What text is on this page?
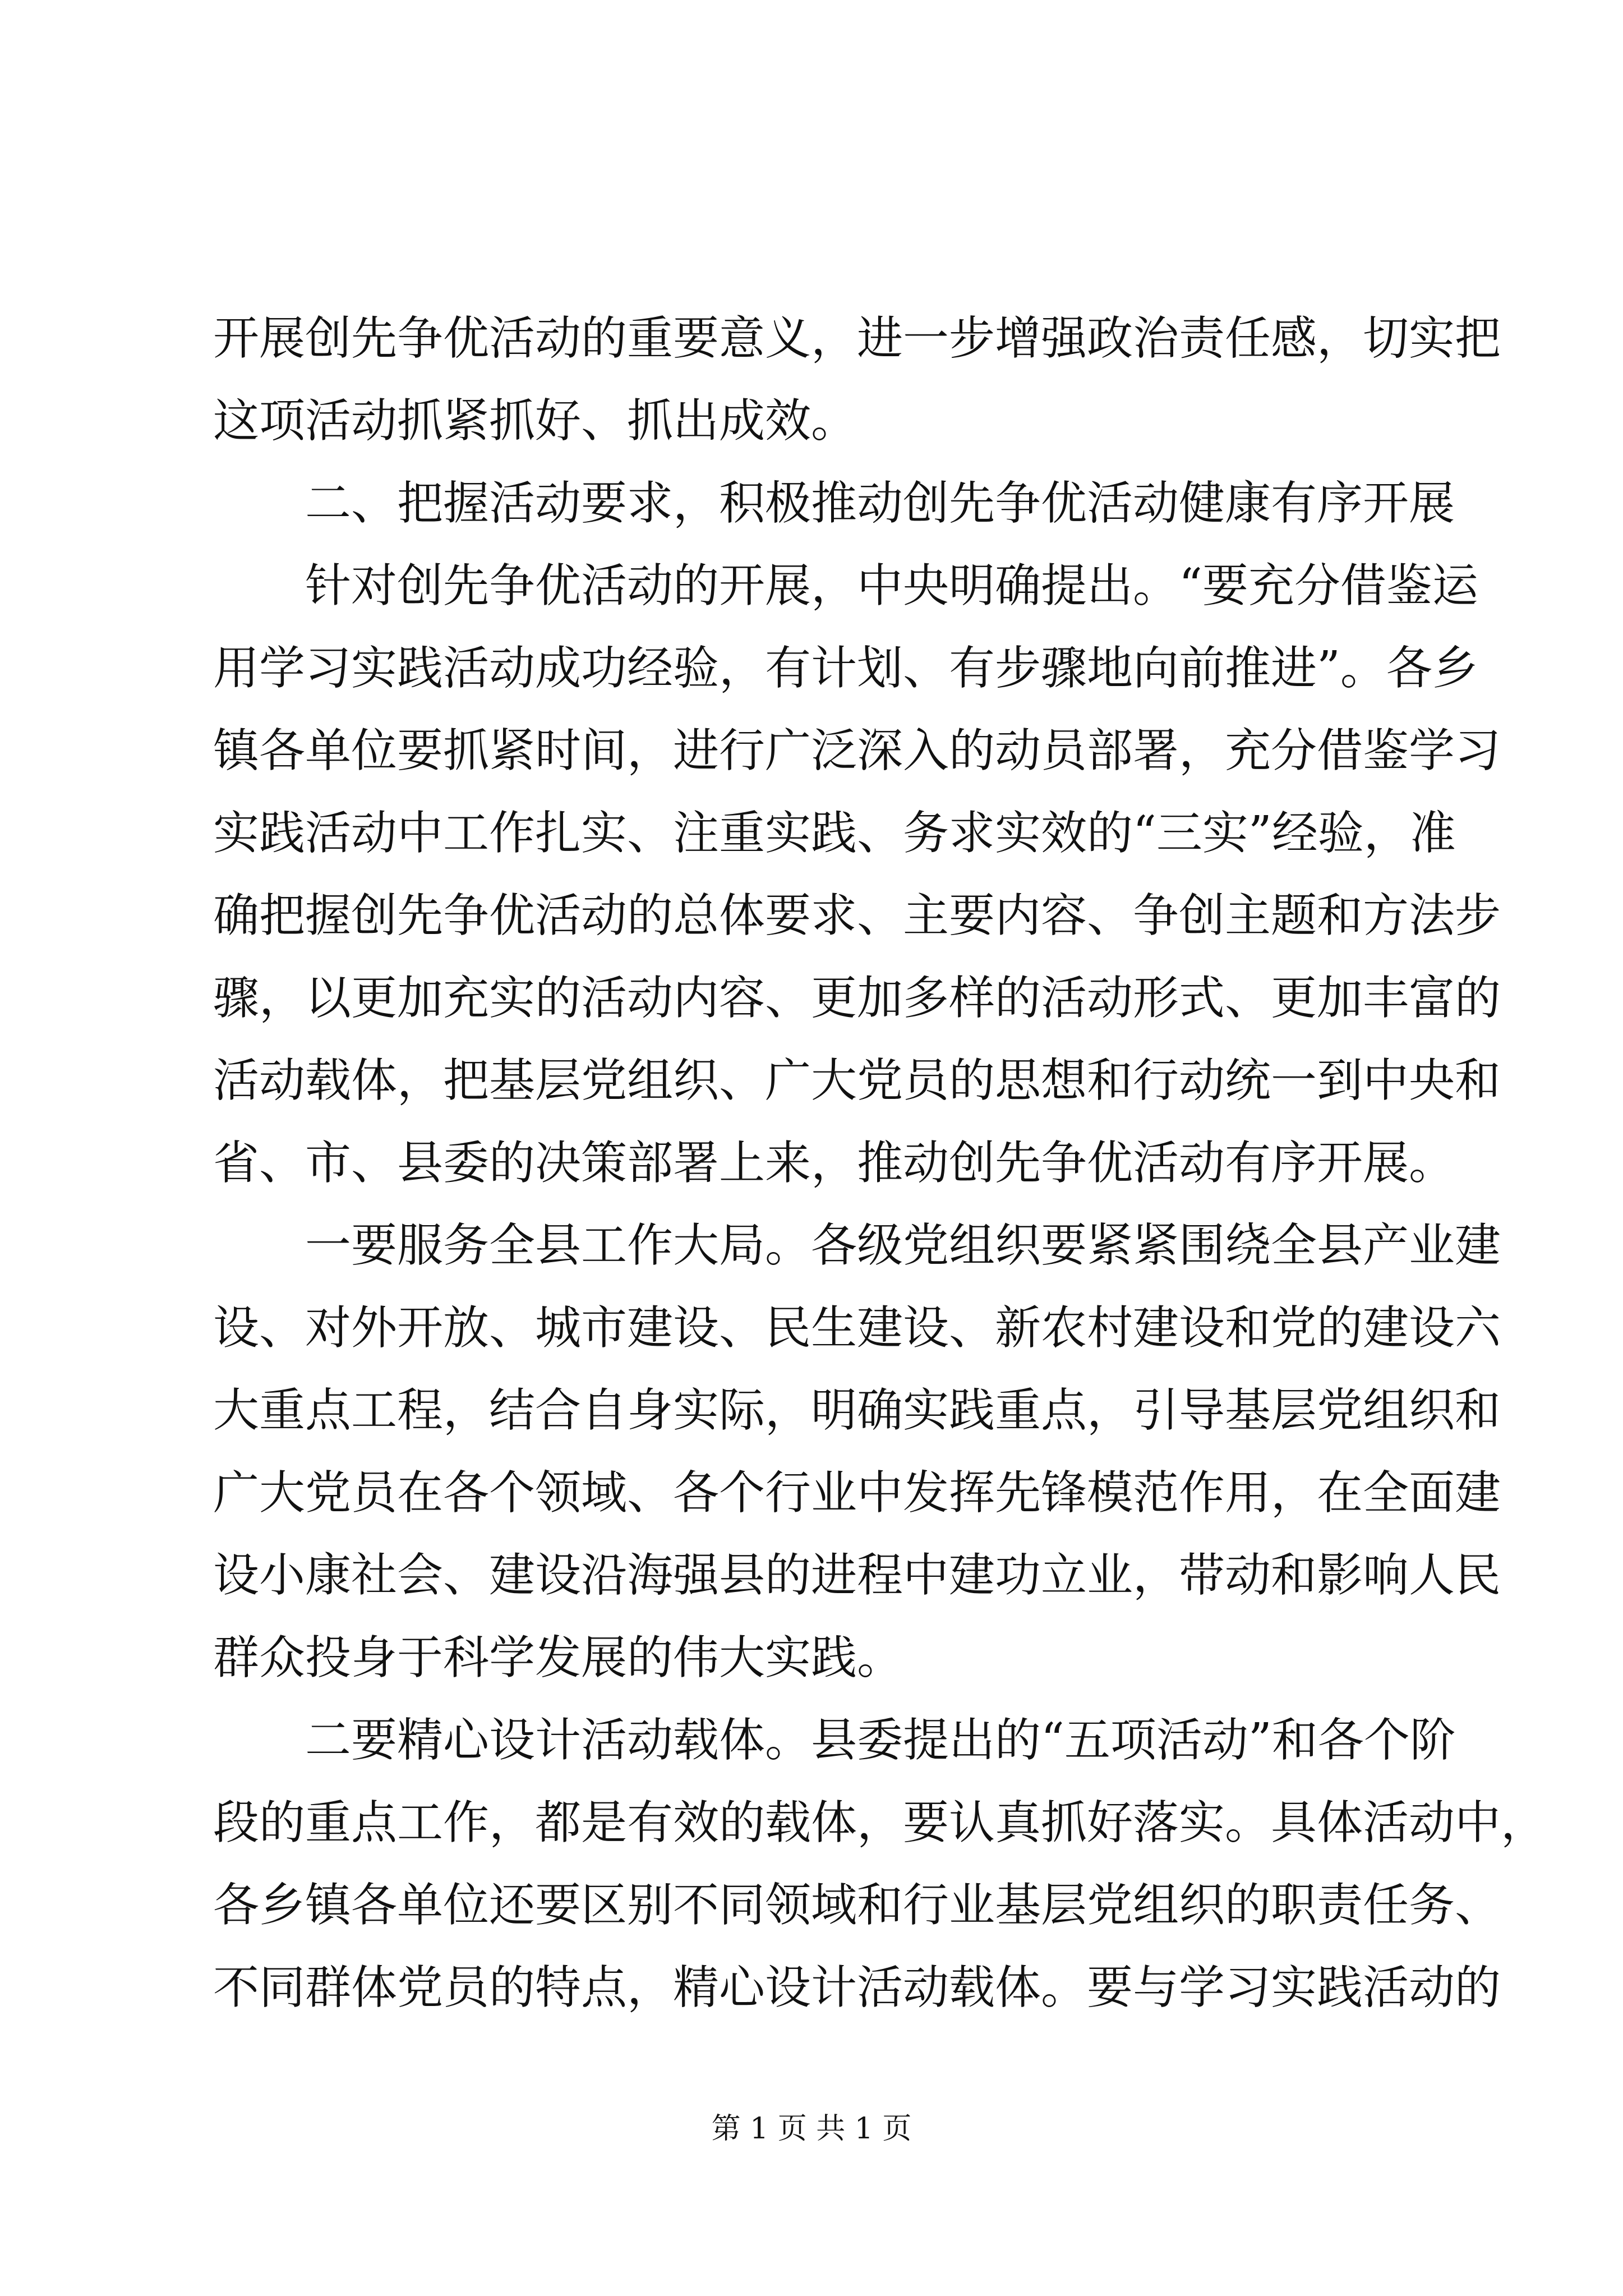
开展创先争优活动的重要意义，进一步增强政治责任感，切实把
这项活动抓紧抓好、抓出成效。
二、把握活动要求，积极推动创先争优活动健康有序开展
针对创先争优活动的开展，中央明确提出。“要充分借鉴运
用学习实践活动成功经验，有计划、有步骤地向前推进”。各乡
镇各单位要抓紧时间，进行广泛深入的动员部署，充分借鉴学习
实践活动中工作扎实、注重实践、务求实效的“三实”经验，准
确把握创先争优活动的总体要求、主要内容、争创主题和方法步
骤，以更加充实的活动内容、更加多样的活动形式、更加丰富的
活动载体，把基层党组织、广大党员的思想和行动统一到中央和
省、市、县委的决策部署上来，推动创先争优活动有序开展。
一要服务全县工作大局。各级党组织要紧紧围绕全县产业建
设、对外开放、城市建设、民生建设、新农村建设和党的建设六
大重点工程，结合自身实际，明确实践重点，引导基层党组织和
广大党员在各个领域、各个行业中发挥先锋模范作用，在全面建
设小康社会、建设沿海强县的进程中建功立业，带动和影响人民
群众投身于科学发展的伟大实践。
二要精心设计活动载体。县委提出的“五项活动”和各个阶
段的重点工作，都是有效的载体，要认真抓好落实。具体活动中，
各乡镇各单位还要区别不同领域和行业基层党组织的职责任务、
不同群体党员的特点，精心设计活动载体。要与学习实践活动的
第 1 页 共 1 页
